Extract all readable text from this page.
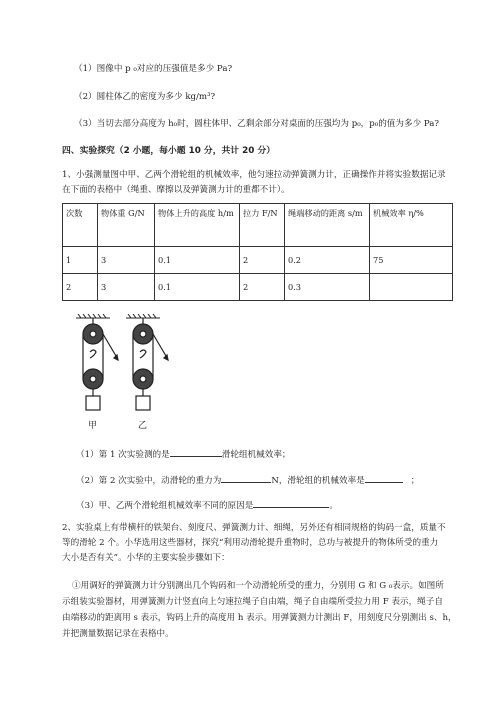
（1）图像中 p ₀对应的压强值是多少 Pa?
（2）圆柱体乙的密度为多少 kg/m³?
（3）当切去部分高度为 h₀时，圆柱体甲、乙剩余部分对桌面的压强均为 p₀，p₀的值为多少 Pa?
四、实验探究（2 小题，每小题 10 分，共计 20 分）
1、小强测量图中甲、乙两个滑轮组的机械效率，他匀速拉动弹簧测力计，正确操作并将实验数据记录
在下面的表格中（绳重、摩擦以及弹簧测力计的重都不计）。
次数	物体重 G/N	物体上升的高度 h/m	拉力 F/N	绳端移动的距离 s/m	机械效率 η/%
1	3	0.1	2	0.2	75
2	3	0.1	2	0.3	
甲	乙
（1）第 1 次实验测的是	滑轮组机械效率；
（2）第 2 次实验中，动滑轮的重力为	N，滑轮组的机械效率是	；
（3）甲、乙两个滑轮组机械效率不同的原因是	。
2、实验桌上有带横杆的铁架台、刻度尺、弹簧测力计、细绳，另外还有相同规格的钩码一盒，质量不
等的滑轮 2 个。小华选用这些器材，探究“利用动滑轮提升重物时，总功与被提升的物体所受的重力
大小是否有关”。小华的主要实验步骤如下：
①用调好的弹簧测力计分别测出几个钩码和一个动滑轮所受的重力，分别用 G 和 G ₀表示。如图所
示组装实验器材，用弹簧测力计竖直向上匀速拉绳子自由端，绳子自由端所受拉力用 F 表示，绳子自
由端移动的距离用 s 表示，钩码上升的高度用 h 表示。用弹簧测力计测出 F，用刻度尺分别测出 s、h，
并把测量数据记录在表格中。
